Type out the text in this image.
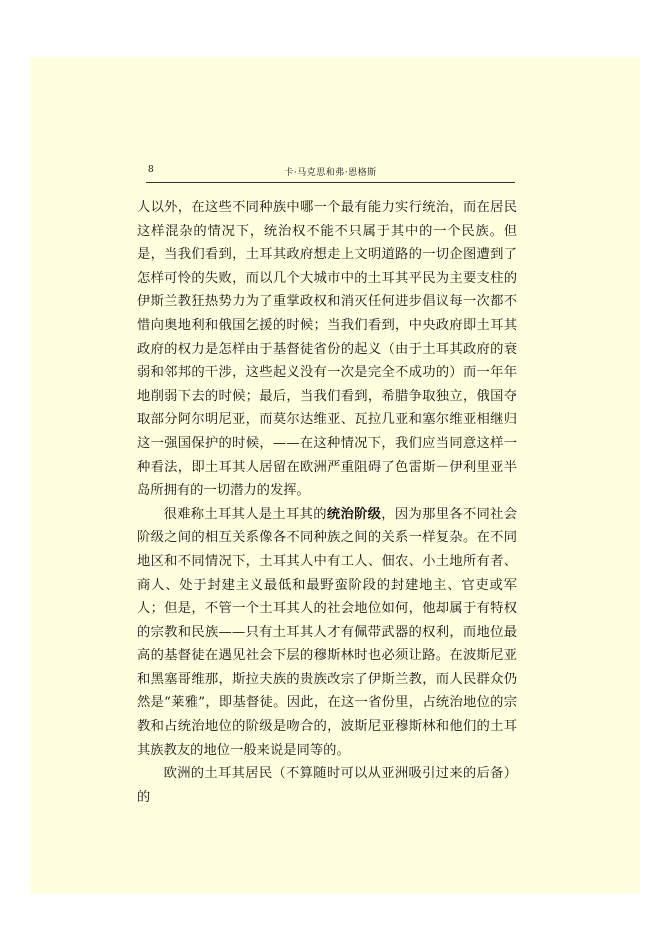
8	卡·马克思和弗·恩格斯

人以外，在这些不同种族中哪一个最有能力实行统治，而在居民这样混杂的情况下，统治权不能不只属于其中的一个民族。但是，当我们看到，土耳其政府想走上文明道路的一切企图遭到了怎样可怜的失败，而以几个大城市中的土耳其平民为主要支柱的伊斯兰教狂热势力为了重掌政权和消灭任何进步倡议每一次都不惜向奥地利和俄国乞援的时候；当我们看到，中央政府即土耳其政府的权力是怎样由于基督徒省份的起义（由于土耳其政府的衰弱和邻邦的干涉，这些起义没有一次是完全不成功的）而一年年地削弱下去的时候；最后，当我们看到，希腊争取独立，俄国夺取部分阿尔明尼亚，而莫尔达维亚、瓦拉几亚和塞尔维亚相继归这一强国保护的时候，——在这种情况下，我们应当同意这样一种看法，即土耳其人居留在欧洲严重阻碍了色雷斯－伊利里亚半岛所拥有的一切潜力的发挥。

很难称土耳其人是土耳其的统治阶级，因为那里各不同社会阶级之间的相互关系像各不同种族之间的关系一样复杂。在不同地区和不同情况下，土耳其人中有工人、佃农、小土地所有者、商人、处于封建主义最低和最野蛮阶段的封建地主、官吏或军人；但是，不管一个土耳其人的社会地位如何，他却属于有特权的宗教和民族——只有土耳其人才有佩带武器的权利，而地位最高的基督徒在遇见社会下层的穆斯林时也必须让路。在波斯尼亚和黑塞哥维那，斯拉夫族的贵族改宗了伊斯兰教，而人民群众仍然是“莱雅”，即基督徒。因此，在这一省份里，占统治地位的宗教和占统治地位的阶级是吻合的，波斯尼亚穆斯林和他们的土耳其族教友的地位一般来说是同等的。

欧洲的土耳其居民（不算随时可以从亚洲吸引过来的后备）的
